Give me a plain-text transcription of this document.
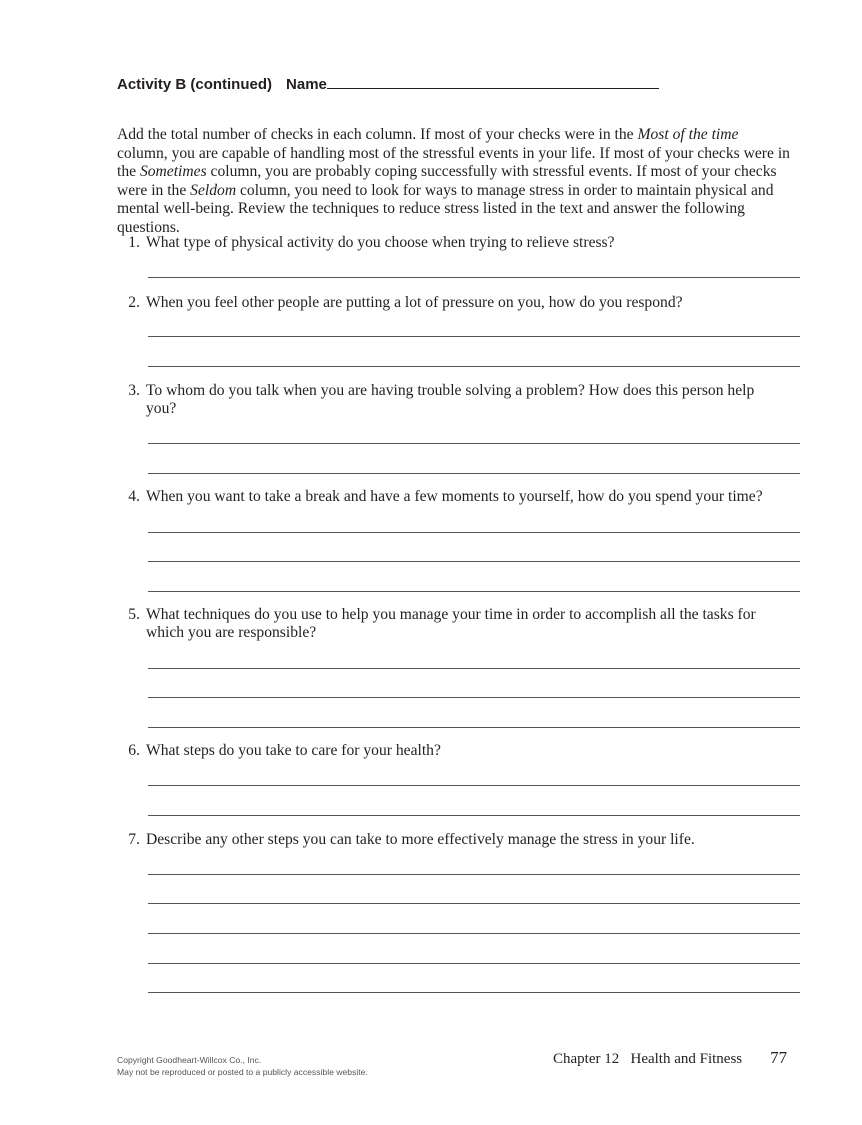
Activity B (continued) Name
Add the total number of checks in each column. If most of your checks were in the Most of the time column, you are capable of handling most of the stressful events in your life. If most of your checks were in the Sometimes column, you are probably coping successfully with stressful events. If most of your checks were in the Seldom column, you need to look for ways to manage stress in order to maintain physical and mental well-being. Review the techniques to reduce stress listed in the text and answer the following questions.
1. What type of physical activity do you choose when trying to relieve stress?
2. When you feel other people are putting a lot of pressure on you, how do you respond?
3. To whom do you talk when you are having trouble solving a problem? How does this person help you?
4. When you want to take a break and have a few moments to yourself, how do you spend your time?
5. What techniques do you use to help you manage your time in order to accomplish all the tasks for which you are responsible?
6. What steps do you take to care for your health?
7. Describe any other steps you can take to more effectively manage the stress in your life.
Copyright Goodheart-Willcox Co., Inc.
May not be reproduced or posted to a publicly accessible website.
Chapter 12 Health and Fitness 77
